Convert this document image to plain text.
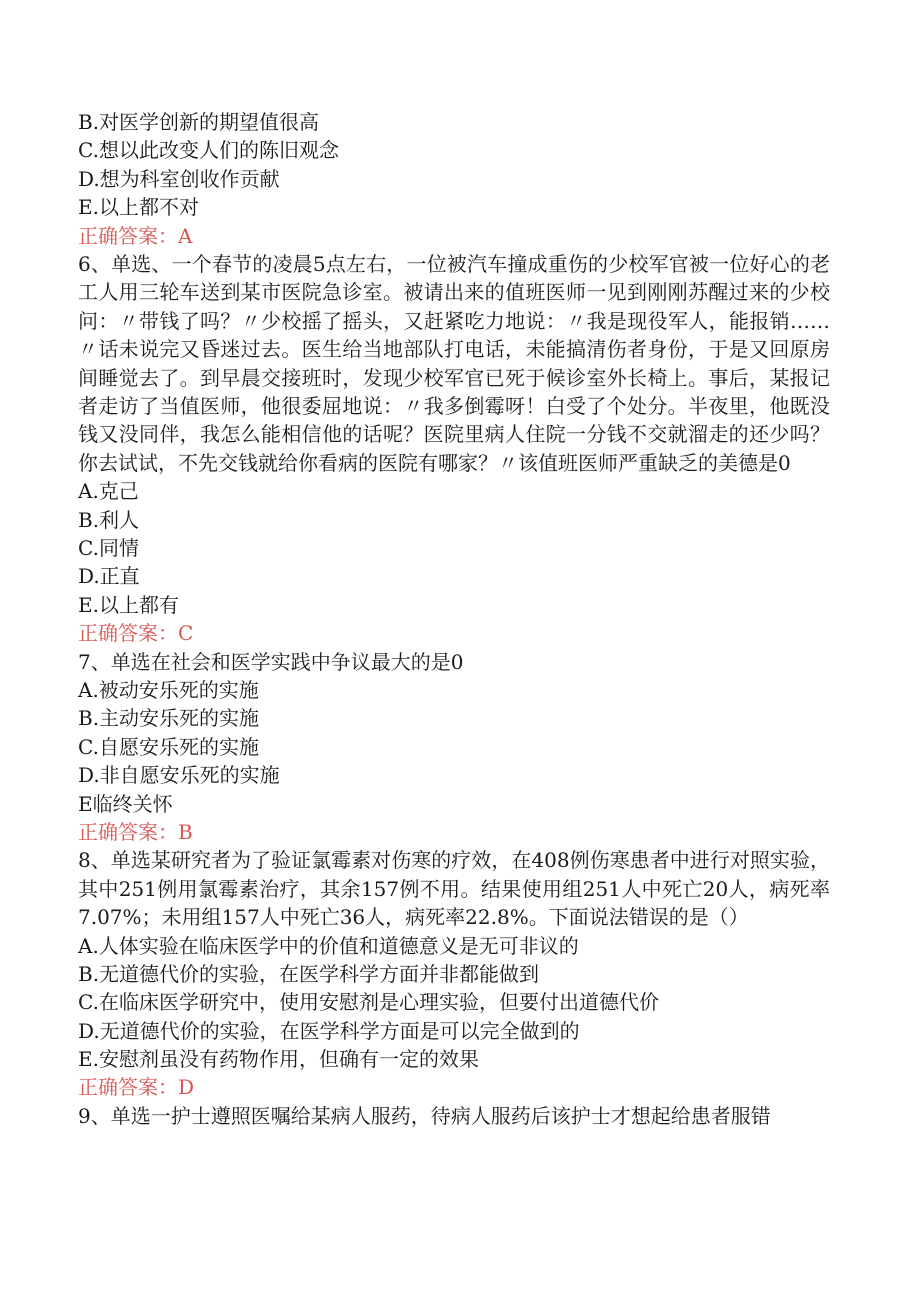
B.对医学创新的期望值很高
C.想以此改变人们的陈旧观念
D.想为科室创收作贡献
E.以上都不对
正确答案：A

6、单选、一个春节的凌晨5点左右，一位被汽车撞成重伤的少校军官被一位好心的老工人用三轮车送到某市医院急诊室。被请出来的值班医师一见到刚刚苏醒过来的少校问：〃带钱了吗？〃少校摇了摇头，又赶紧吃力地说：〃我是现役军人，能报销……〃话未说完又昏迷过去。医生给当地部队打电话，未能搞清伤者身份，于是又回原房间睡觉去了。到早晨交接班时，发现少校军官已死于候诊室外长椅上。事后，某报记者走访了当值医师，他很委屈地说：〃我多倒霉呀！白受了个处分。半夜里，他既没钱又没同伴，我怎么能相信他的话呢？医院里病人住院一分钱不交就溜走的还少吗？你去试试，不先交钱就给你看病的医院有哪家？〃该值班医师严重缺乏的美德是0

A.克己
B.利人
C.同情
D.正直
E.以上都有
正确答案：C

7、单选在社会和医学实践中争议最大的是0

A.被动安乐死的实施
B.主动安乐死的实施
C.自愿安乐死的实施
D.非自愿安乐死的实施
E临终关怀
正确答案：B

8、单选某研究者为了验证氯霉素对伤寒的疗效，在408例伤寒患者中进行对照实验，其中251例用氯霉素治疗，其余157例不用。结果使用组251人中死亡20人，病死率7.07%；未用组157人中死亡36人，病死率22.8%。下面说法错误的是（）

A.人体实验在临床医学中的价值和道德意义是无可非议的
B.无道德代价的实验，在医学科学方面并非都能做到
C.在临床医学研究中，使用安慰剂是心理实验，但要付出道德代价
D.无道德代价的实验，在医学科学方面是可以完全做到的
E.安慰剂虽没有药物作用，但确有一定的效果
正确答案：D
9、单选一护士遵照医嘱给某病人服药，待病人服药后该护士才想起给患者服错
